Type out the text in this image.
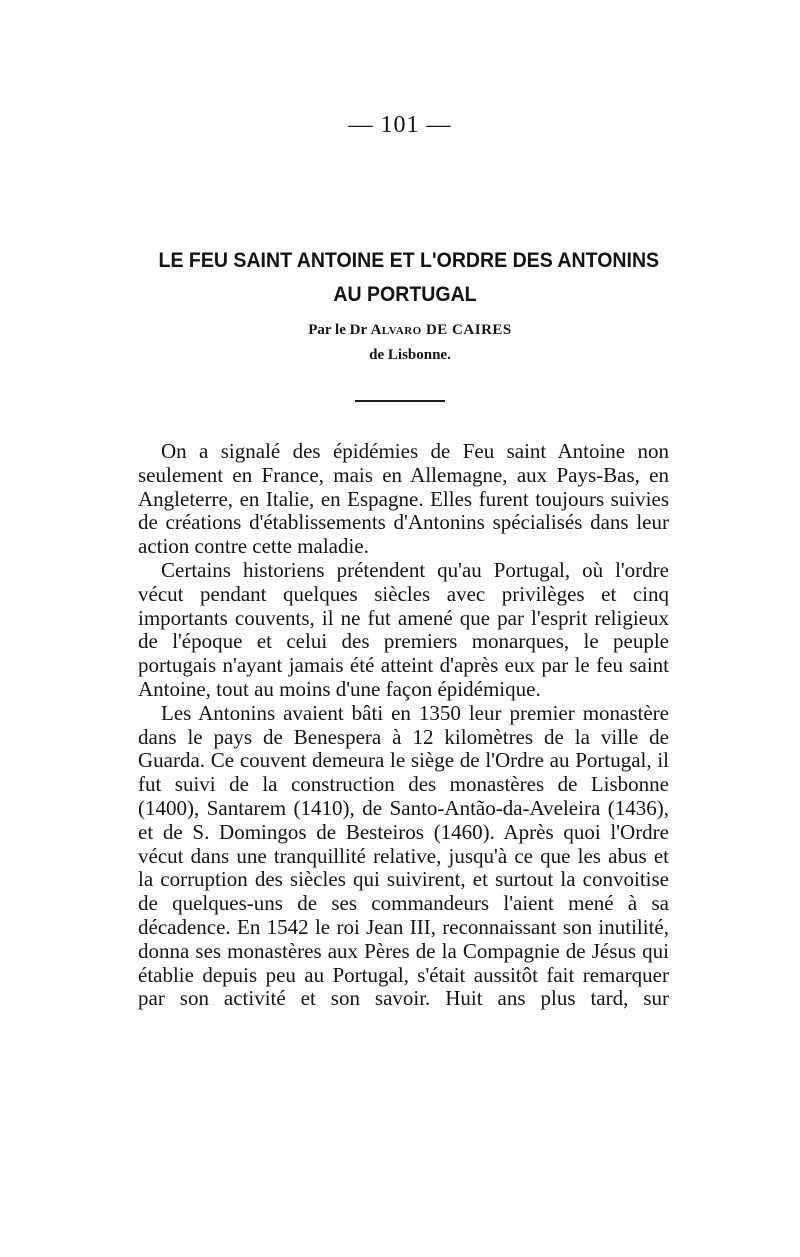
— 101 —
LE FEU SAINT ANTOINE ET L'ORDRE DES ANTONINS
AU PORTUGAL
Par le Dr Alvaro DE CAIRES
de Lisbonne.

On a signalé des épidémies de Feu saint Antoine non seulement en France, mais en Allemagne, aux Pays-Bas, en Angleterre, en Italie, en Espagne. Elles furent toujours suivies de créations d'établissements d'Antonins spécialisés dans leur action contre cette maladie.

Certains historiens prétendent qu'au Portugal, où l'ordre vécut pendant quelques siècles avec privilèges et cinq importants couvents, il ne fut amené que par l'esprit religieux de l'époque et celui des premiers monarques, le peuple portugais n'ayant jamais été atteint d'après eux par le feu saint Antoine, tout au moins d'une façon épidémique.

Les Antonins avaient bâti en 1350 leur premier monastère dans le pays de Benespera à 12 kilomètres de la ville de Guarda. Ce couvent demeura le siège de l'Ordre au Portugal, il fut suivi de la construction des monastères de Lisbonne (1400), Santarem (1410), de Santo-Antão-da-Aveleira (1436), et de S. Domingos de Besteiros (1460). Après quoi l'Ordre vécut dans une tranquillité relative, jusqu'à ce que les abus et la corruption des siècles qui suivirent, et surtout la convoitise de quelques-uns de ses commandeurs l'aient mené à sa décadence. En 1542 le roi Jean III, reconnaissant son inutilité, donna ses monastères aux Pères de la Compagnie de Jésus qui établie depuis peu au Portugal, s'était aussitôt fait remarquer par son activité et son savoir. Huit ans plus tard, sur
